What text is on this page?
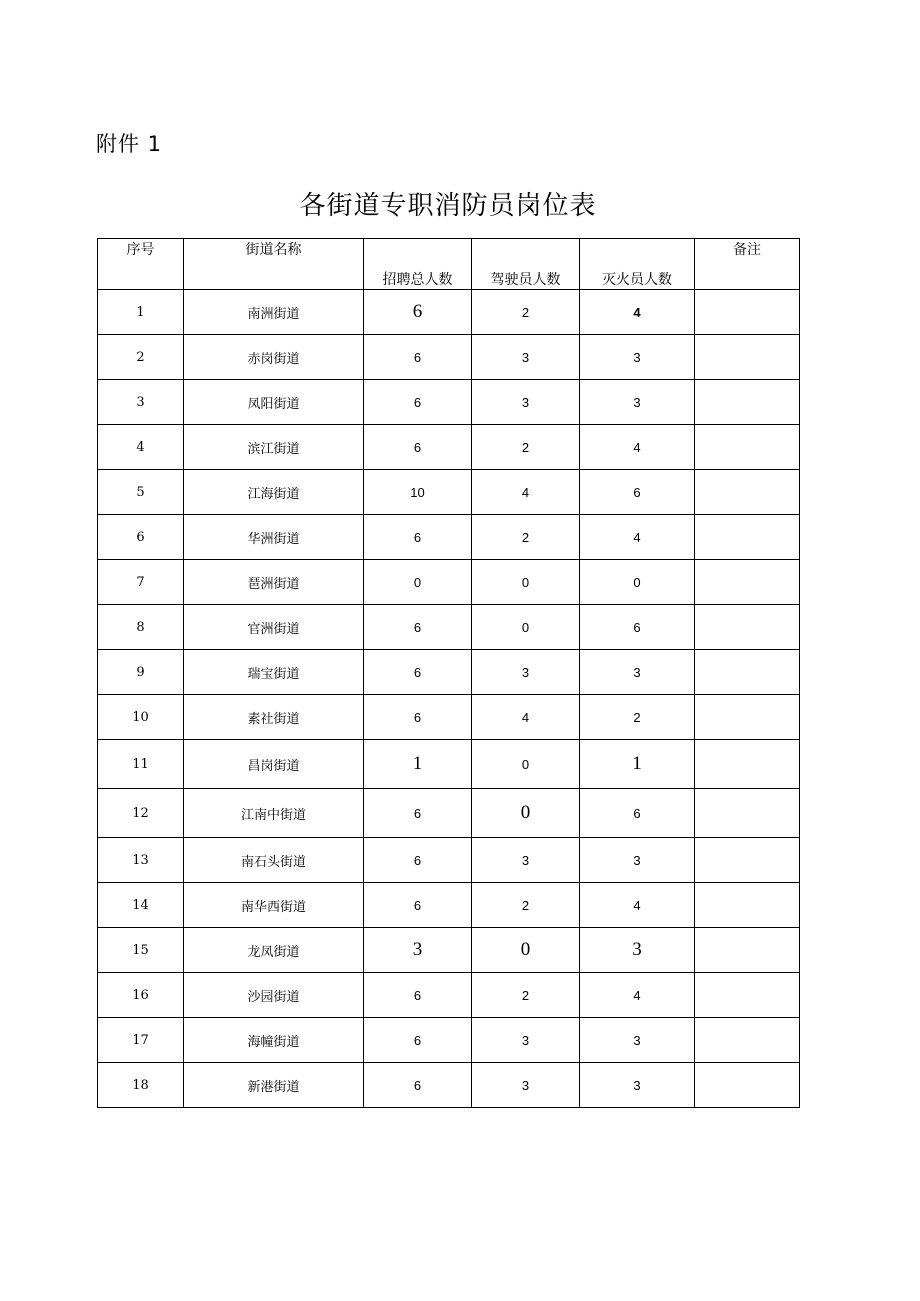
附件 1
各街道专职消防员岗位表
序号	街道名称	招聘总人数	驾驶员人数	灭火员人数	备注
1	南洲街道	6	2	4	
2	赤岗街道	6	3	3	
3	凤阳街道	6	3	3	
4	滨江街道	6	2	4	
5	江海街道	10	4	6	
6	华洲街道	6	2	4	
7	琶洲街道	0	0	0	
8	官洲街道	6	0	6	
9	瑞宝街道	6	3	3	
10	素社街道	6	4	2	
11	昌岗街道	1	0	1	
12	江南中街道	6	0	6	
13	南石头街道	6	3	3	
14	南华西街道	6	2	4	
15	龙凤街道	3	0	3	
16	沙园街道	6	2	4	
17	海幢街道	6	3	3	
18	新港街道	6	3	3	
